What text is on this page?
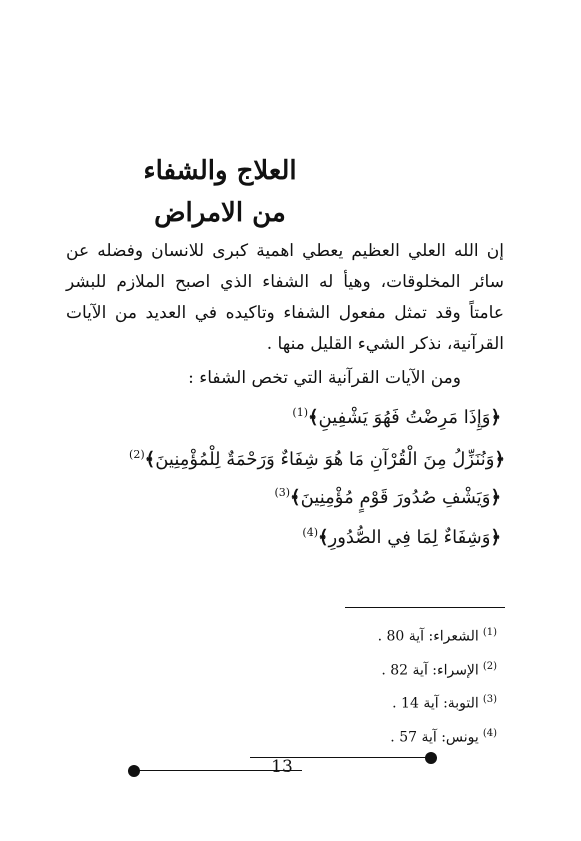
العلاج والشفاء
من الامراض

إن الله العلي العظيم يعطي اهمية كبرى للانسان وفضله عن سائر المخلوقات، وهيأ له الشفاء الذي اصبح الملازم للبشر عامتاً وقد تمثل مفعول الشفاء وتاكيده في العديد من الآيات القرآنية، نذكر الشيء القليل منها .

ومن الآيات القرآنية التي تخص الشفاء :
﴿وَإِذَا مَرِضْتُ فَهُوَ يَشْفِينِ﴾$^{(1)}$
﴿وَنُنَزِّلُ مِنَ الْقُرْآنِ مَا هُوَ شِفَاءٌ وَرَحْمَةٌ لِلْمُؤْمِنِينَ﴾$^{(2)}$
﴿وَيَشْفِ صُدُورَ قَوْمٍ مُؤْمِنِينَ﴾$^{(3)}$
﴿وَشِفَاءٌ لِمَا فِي الصُّدُورِ﴾$^{(4)}$
$^{(1)}$الشعراء: آية 80 .
$^{(2)}$الإسراء: آية 82 .
$^{(3)}$التوبة: آية 14 .
$^{(4)}$يونس: آية 57 .
13
